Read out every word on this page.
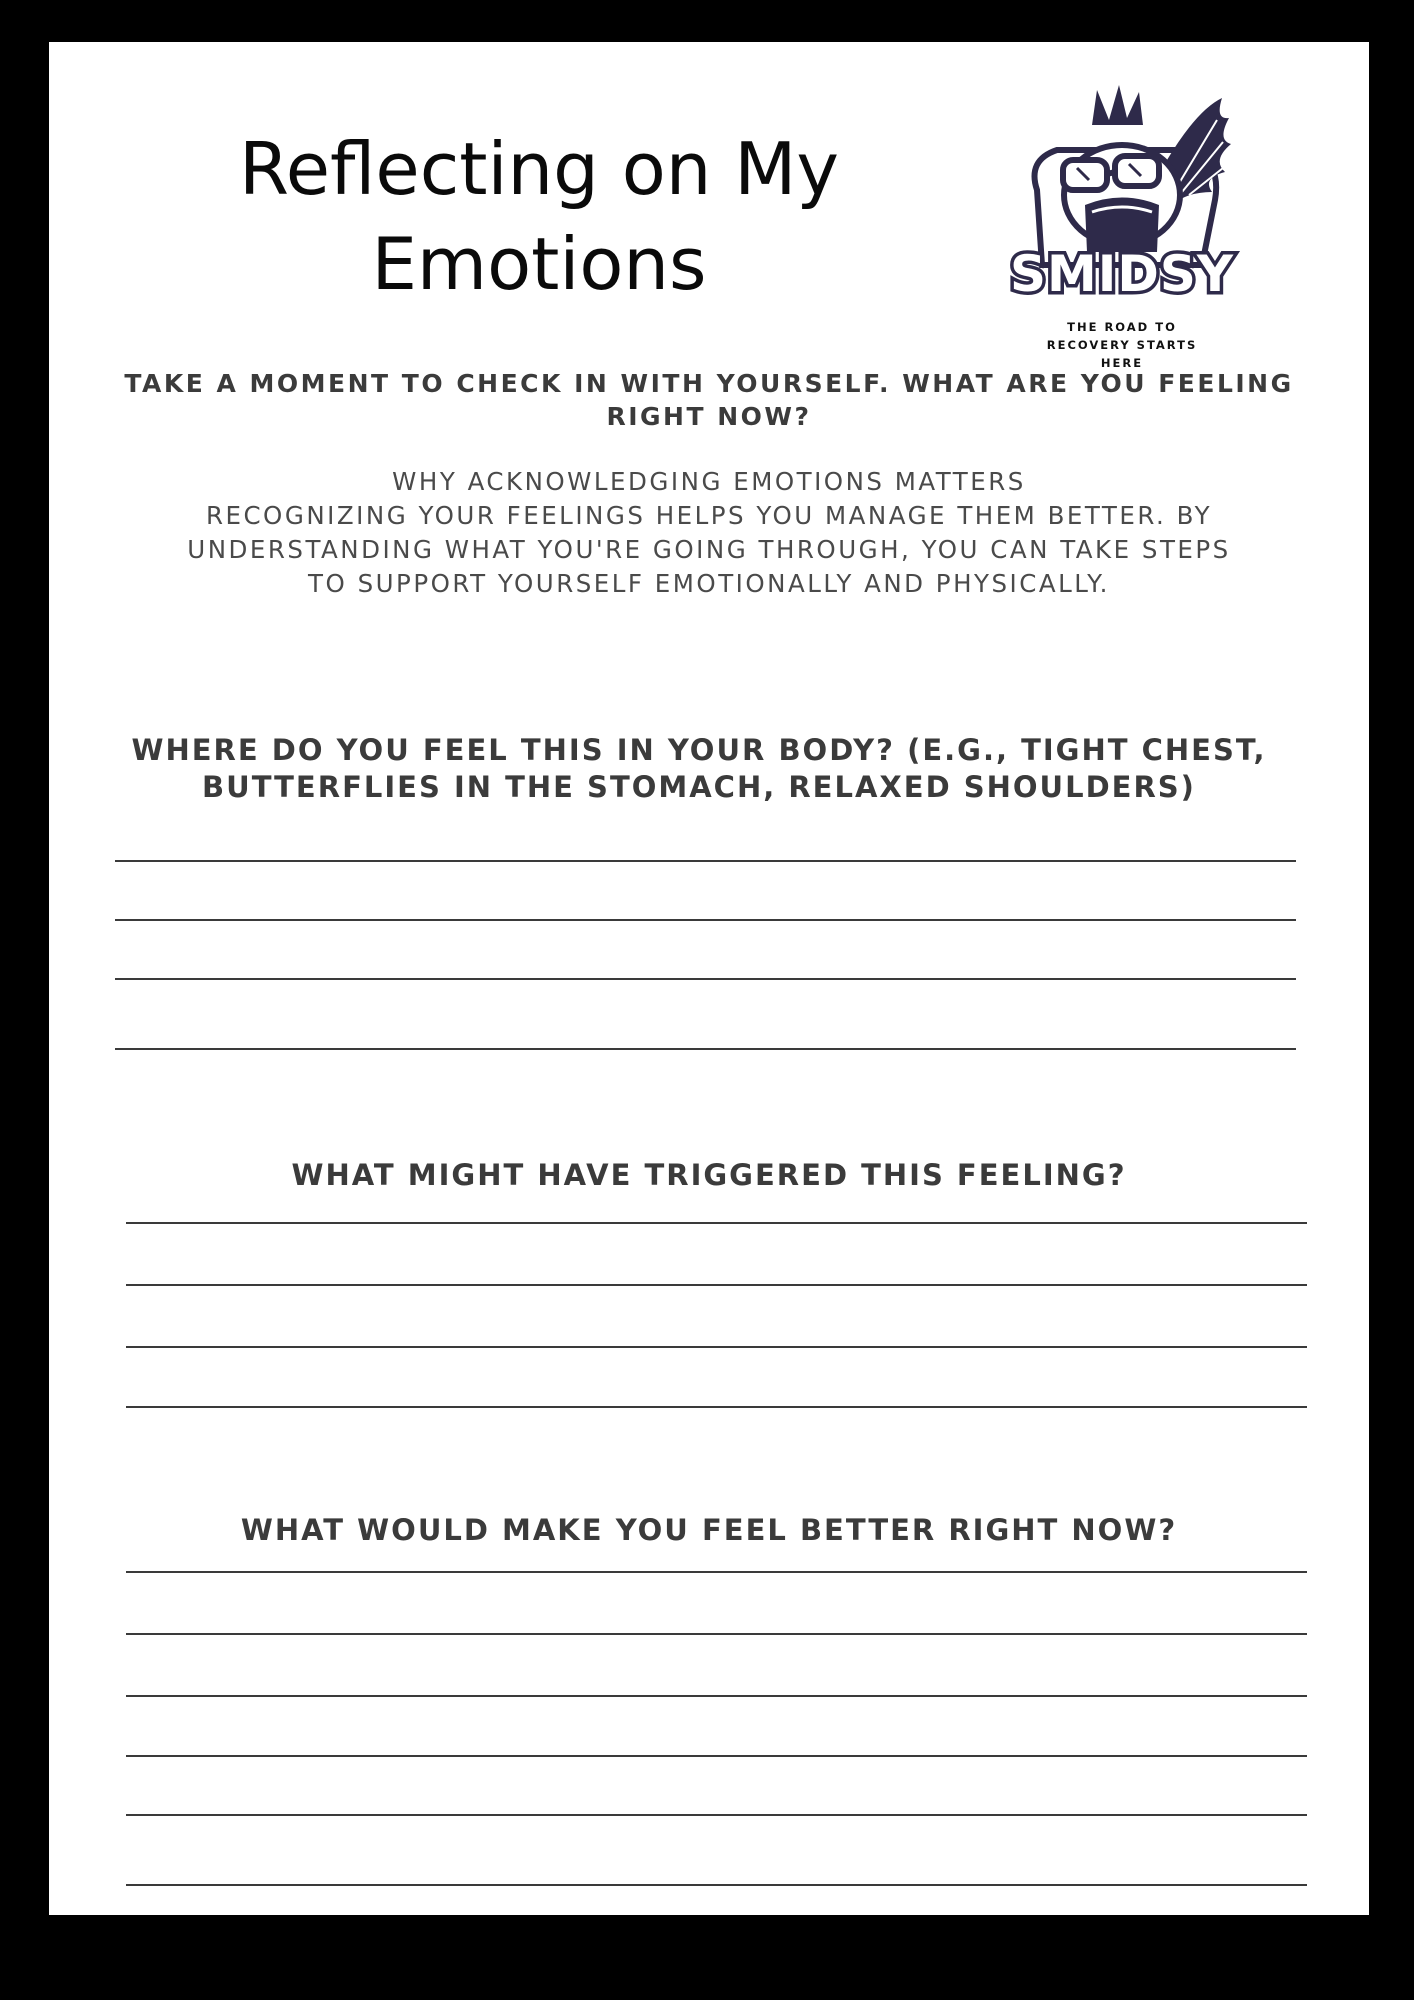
Reflecting on My
Emotions	SMIDSY
THE ROAD TO
RECOVERY STARTS
HERE

TAKE A MOMENT TO CHECK IN WITH YOURSELF. WHAT ARE YOU FEELING RIGHT NOW?

WHY ACKNOWLEDGING EMOTIONS MATTERS
RECOGNIZING YOUR FEELINGS HELPS YOU MANAGE THEM BETTER. BY
UNDERSTANDING WHAT YOU'RE GOING THROUGH, YOU CAN TAKE STEPS
TO SUPPORT YOURSELF EMOTIONALLY AND PHYSICALLY.

WHERE DO YOU FEEL THIS IN YOUR BODY? (E.G., TIGHT CHEST, BUTTERFLIES IN THE STOMACH, RELAXED SHOULDERS)

WHAT MIGHT HAVE TRIGGERED THIS FEELING?

WHAT WOULD MAKE YOU FEEL BETTER RIGHT NOW?
